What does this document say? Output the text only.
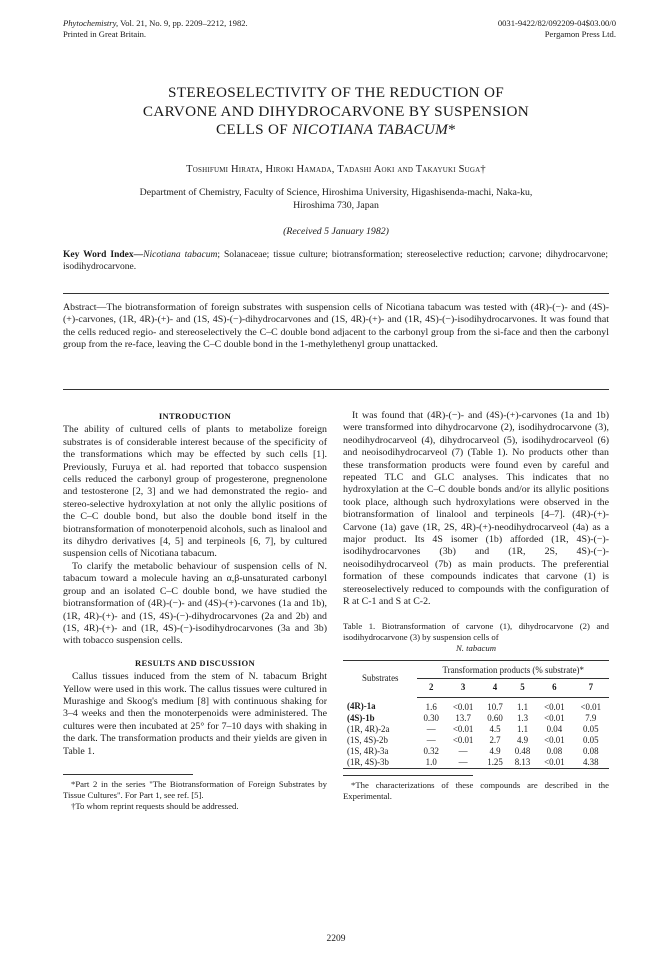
Phytochemistry, Vol. 21, No. 9, pp. 2209–2212, 1982.
Printed in Great Britain.
0031-9422/82/092209-04$03.00/0
Pergamon Press Ltd.
STEREOSELECTIVITY OF THE REDUCTION OF
CARVONE AND DIHYDROCARVONE BY SUSPENSION
CELLS OF NICOTIANA TABACUM*
Toshifumi Hirata, Hiroki Hamada, Tadashi Aoki and Takayuki Suga†
Department of Chemistry, Faculty of Science, Hiroshima University, Higashisenda-machi, Naka-ku,
Hiroshima 730, Japan
(Received 5 January 1982)
Key Word Index—Nicotiana tabacum; Solanaceae; tissue culture; biotransformation; stereoselective reduction; carvone; dihydrocarvone; isodihydrocarvone.
Abstract—The biotransformation of foreign substrates with suspension cells of Nicotiana tabacum was tested with (4R)-(−)- and (4S)-(+)-carvones, (1R, 4R)-(+)- and (1S, 4S)-(−)-dihydrocarvones and (1S, 4R)-(+)- and (1R, 4S)-(−)-isodihydrocarvones. It was found that the cells reduced regio- and stereoselectively the C–C double bond adjacent to the carbonyl group from the si-face and then the carbonyl group from the re-face, leaving the C–C double bond in the 1-methylethenyl group unattacked.
INTRODUCTION

The ability of cultured cells of plants to metabolize foreign substrates is of considerable interest because of the specificity of the transformations which may be effected by such cells [1]. Previously, Furuya et al. had reported that tobacco suspension cells reduced the carbonyl group of progesterone, pregnenolone and testosterone [2, 3] and we had demonstrated the regio- and stereo-selective hydroxylation at not only the allylic positions of the C–C double bond, but also the double bond itself in the biotransformation of monoterpenoid alcohols, such as linalool and its dihydro derivatives [4, 5] and terpineols [6, 7], by cultured suspension cells of Nicotiana tabacum.

To clarify the metabolic behaviour of suspension cells of N. tabacum toward a molecule having an α,β-unsaturated carbonyl group and an isolated C–C double bond, we have studied the biotransformation of (4R)-(−)- and (4S)-(+)-carvones (1a and 1b), (1R, 4R)-(+)- and (1S, 4S)-(−)-dihydrocarvones (2a and 2b) and (1S, 4R)-(+)- and (1R, 4S)-(−)-isodihydrocarvones (3a and 3b) with tobacco suspension cells.

RESULTS AND DISCUSSION

Callus tissues induced from the stem of N. tabacum Bright Yellow were used in this work. The callus tissues were cultured in Murashige and Skoog's medium [8] with continuous shaking for 3–4 weeks and then the monoterpenoids were administered. The cultures were then incubated at 25° for 7–10 days with shaking in the dark. The transformation products and their yields are given in Table 1.

*Part 2 in the series "The Biotransformation of Foreign Substrates by Tissue Cultures". For Part 1, see ref. [5].

†To whom reprint requests should be addressed.

It was found that (4R)-(−)- and (4S)-(+)-carvones (1a and 1b) were transformed into dihydrocarvone (2), isodihydrocarvone (3), neodihydrocarveol (4), dihydrocarveol (5), isodihydrocarveol (6) and neoisodihydrocarveol (7) (Table 1). No products other than these transformation products were found even by careful and repeated TLC and GLC analyses. This indicates that no hydroxylation at the C–C double bonds and/or its allylic positions took place, although such hydroxylations were observed in the biotransformation of linalool and terpineols [4–7]. (4R)-(+)-Carvone (1a) gave (1R, 2S, 4R)-(+)-neodihydrocarveol (4a) as a major product. Its 4S isomer (1b) afforded (1R, 4S)-(−)-isodihydrocarvones (3b) and (1R, 2S, 4S)-(−)-neoisodihydrocarveol (7b) as main products. The preferential formation of these compounds indicates that carvone (1) is stereoselectively reduced to compounds with the configuration of R at C-1 and S at C-2.

Table 1. Biotransformation of carvone (1), dihydrocarvone (2) and isodihydrocarvone (3) by suspension cells of
N. tabacum
Substrates	Transformation products (% substrate)*					
	2	3	4	5	6	7
(4R)-1a	1.6	<0.01	10.7	1.1	<0.01	<0.01
(4S)-1b	0.30	13.7	0.60	1.3	<0.01	7.9
(1R, 4R)-2a	—	<0.01	4.5	1.1	0.04	0.05
(1S, 4S)-2b	—	<0.01	2.7	4.9	<0.01	0.05
(1S, 4R)-3a	0.32	—	4.9	0.48	0.08	0.08
(1R, 4S)-3b	1.0	—	1.25	8.13	<0.01	4.38

*The characterizations of these compounds are described in the Experimental.

2209
